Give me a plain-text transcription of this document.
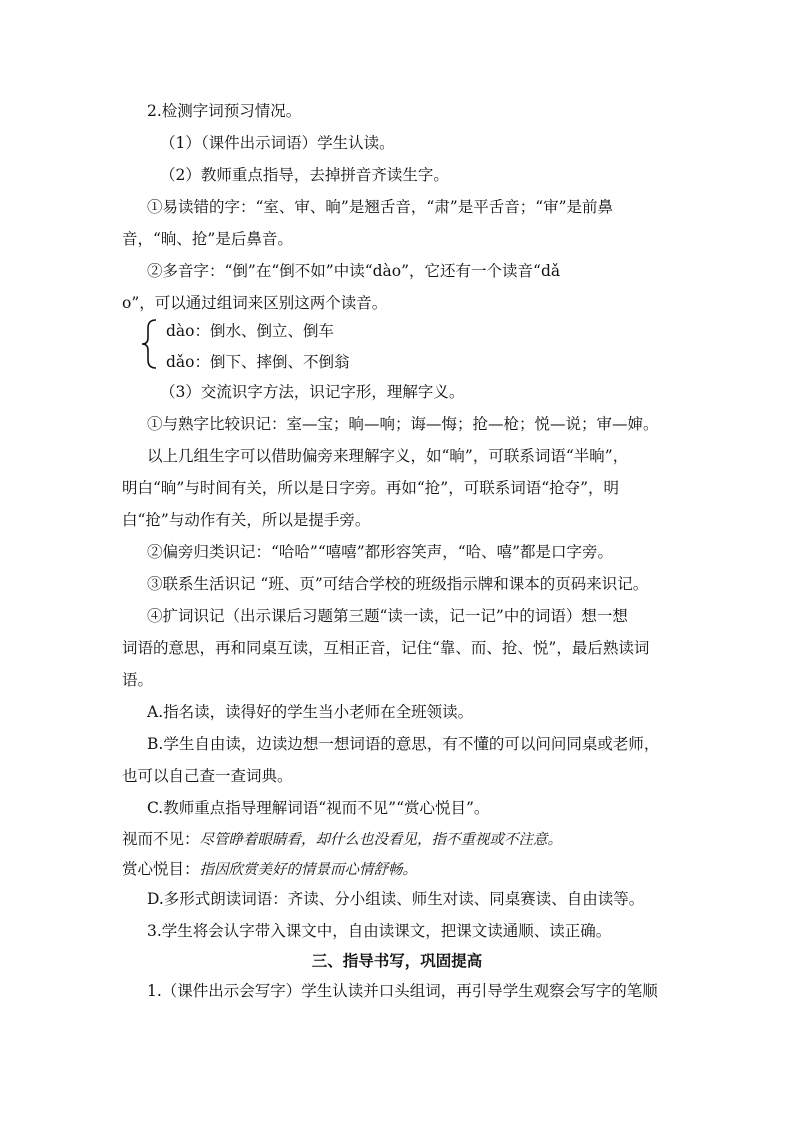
2.检测字词预习情况。
（1）（课件出示词语）学生认读。
（2）教师重点指导，去掉拼音齐读生字。
①易读错的字：“室、审、晌”是翘舌音，“肃”是平舌音；“审”是前鼻
音，“晌、抢”是后鼻音。
②多音字：“倒”在“倒不如”中读“dào”，它还有一个读音“dǎ
o”，可以通过组词来区别这两个读音。
dào：倒水、倒立、倒车
dǎo：倒下、摔倒、不倒翁
（3）交流识字方法，识记字形，理解字义。
①与熟字比较识记：室—宝；晌—响；诲—悔；抢—枪；悦—说；审—婶。
以上几组生字可以借助偏旁来理解字义，如“晌”，可联系词语“半晌”，
明白“晌”与时间有关，所以是日字旁。再如“抢”，可联系词语“抢夺”，明
白“抢”与动作有关，所以是提手旁。
②偏旁归类识记：“哈哈”“嘻嘻”都形容笑声，“哈、嘻”都是口字旁。
③联系生活识记 “班、页”可结合学校的班级指示牌和课本的页码来识记。
④扩词识记（出示课后习题第三题“读一读，记一记”中的词语）想一想
词语的意思，再和同桌互读，互相正音，记住“靠、而、抢、悦”，最后熟读词
语。
A.指名读，读得好的学生当小老师在全班领读。
B.学生自由读，边读边想一想词语的意思，有不懂的可以问问同桌或老师，
也可以自己查一查词典。
C.教师重点指导理解词语“视而不见”“赏心悦目”。
视而不见：尽管睁着眼睛看，却什么也没看见，指不重视或不注意。
赏心悦目：指因欣赏美好的情景而心情舒畅。
D.多形式朗读词语：齐读、分小组读、师生对读、同桌赛读、自由读等。
3.学生将会认字带入课文中，自由读课文，把课文读通顺、读正确。
三、指导书写，巩固提高
1.（课件出示会写字）学生认读并口头组词，再引导学生观察会写字的笔顺
